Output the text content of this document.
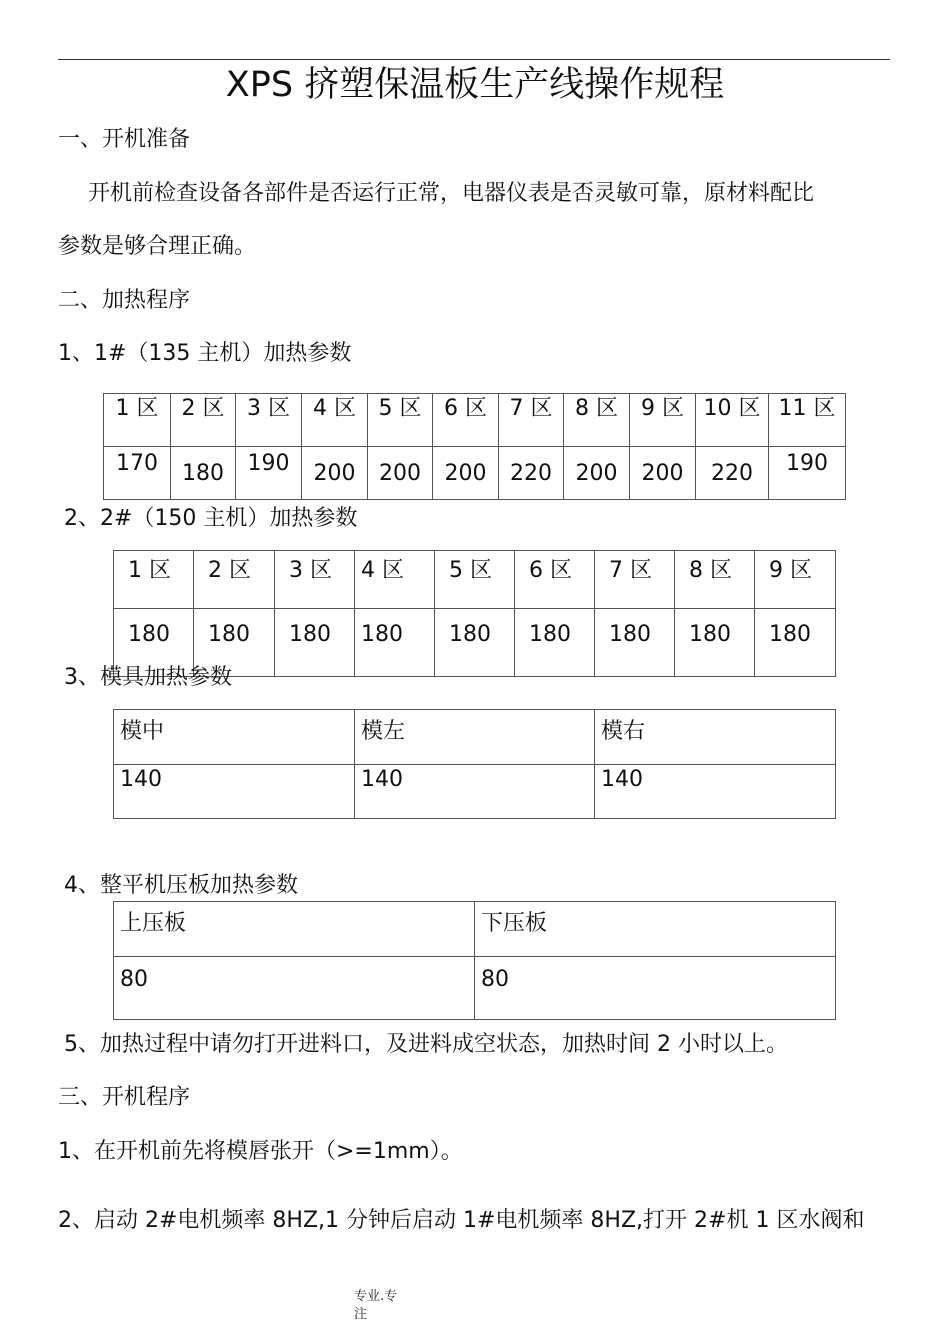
XPS 挤塑保温板生产线操作规程
一、开机准备
开机前检查设备各部件是否运行正常，电器仪表是否灵敏可靠，原材料配比
参数是够合理正确。
二、加热程序
1、1#（135 主机）加热参数
1 区	2 区	3 区	4 区	5 区	6 区	7 区	8 区	9 区	10 区	11 区

170	180	190	200	200	200	220	200	200	220	190
2、2#（150 主机）加热参数
1 区	2 区	3 区	4 区	5 区	6 区	7 区	8 区	9 区
180	180	180	180	180	180	180	180	180
3、模具加热参数
模中	模左	模右
140	140	140
4、整平机压板加热参数
上压板	下压板
80	80
5、加热过程中请勿打开进料口，及进料成空状态，加热时间 2 小时以上。
三、开机程序
1、在开机前先将模唇张开（>=1mm）。
2、启动 2#电机频率 8HZ,1 分钟后启动 1#电机频率 8HZ,打开 2#机 1 区水阀和
专业.专
注
